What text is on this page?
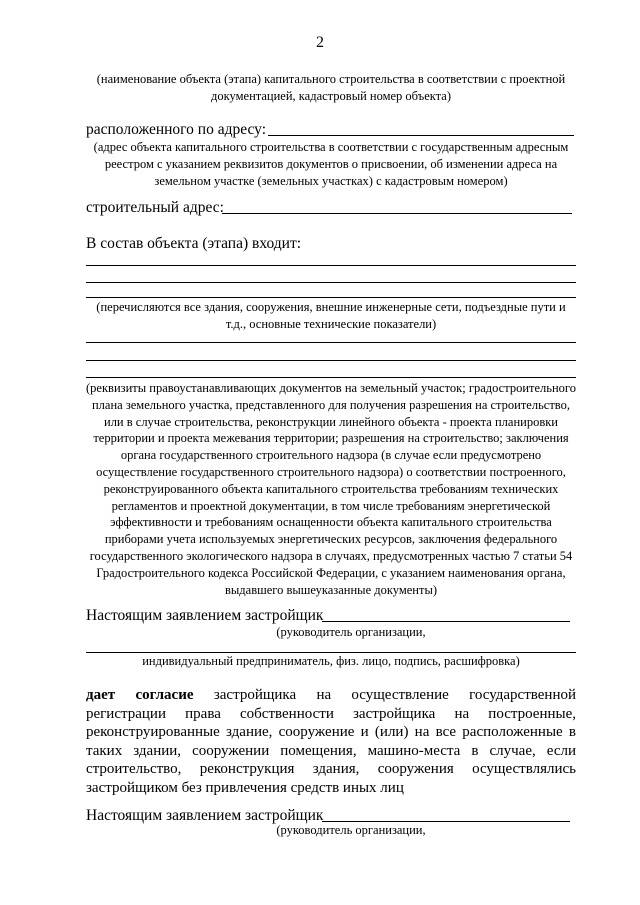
2
(наименование объекта (этапа) капитального строительства в соответствии с проектной документацией, кадастровый номер объекта)
расположенного по адресу:
(адрес объекта капитального строительства в соответствии с государственным адресным реестром с указанием реквизитов документов о присвоении, об изменении адреса на земельном участке (земельных участках) с кадастровым номером)
строительный адрес:
В состав объекта (этапа) входит:
(перечисляются все здания, сооружения, внешние инженерные сети, подъездные пути и т.д., основные технические показатели)
(реквизиты правоустанавливающих документов на земельный участок; градостроительного плана земельного участка, представленного для получения разрешения на строительство, или в случае строительства, реконструкции линейного объекта - проекта планировки территории и проекта межевания территории; разрешения на строительство; заключения органа государственного строительного надзора (в случае если предусмотрено осуществление государственного строительного надзора) о соответствии построенного, реконструированного объекта капитального строительства требованиям технических регламентов и проектной документации, в том числе требованиям энергетической эффективности и требованиям оснащенности объекта капитального строительства приборами учета используемых энергетических ресурсов, заключения федерального государственного экологического надзора в случаях, предусмотренных частью 7 статьи 54 Градостроительного кодекса Российской Федерации, с указанием наименования органа, выдавшего вышеуказанные документы)
Настоящим заявлением застройщик
(руководитель организации,
индивидуальный предприниматель, физ. лицо, подпись, расшифровка)
дает согласие  застройщика  на  осуществление  государственной
регистрации права собственности застройщика на построенные,
реконструированные здание, сооружение и (или) на все расположенные в
таких здании, сооружении помещения, машино-места в случае, если
строительство, реконструкция здания, сооружения осуществлялись
застройщиком без привлечения средств иных лиц
Настоящим заявлением застройщик
(руководитель организации,
